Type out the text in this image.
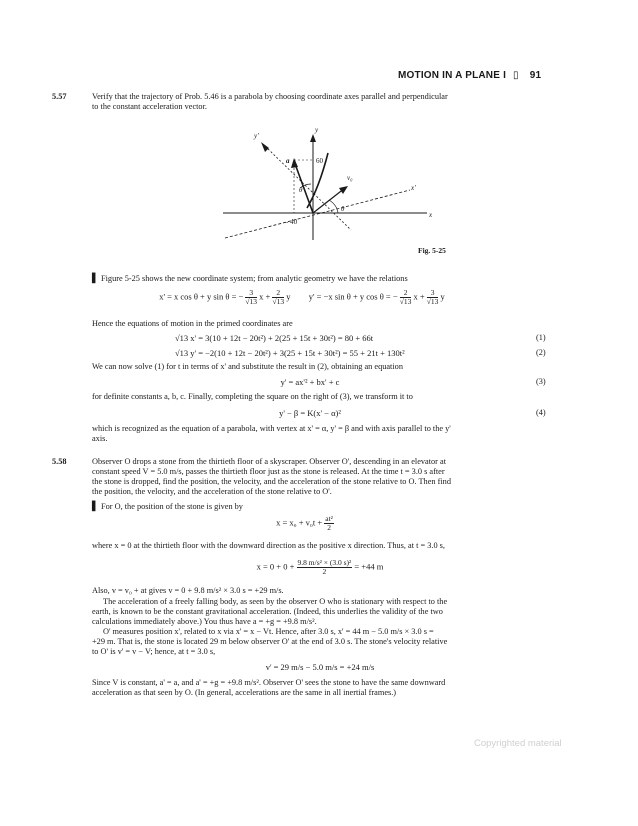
MOTION IN A PLANE I ▯ 91
5.57	Verify that the trajectory of Prob. 5.46 is a parabola by choosing coordinate axes parallel and perpendicular
to the constant acceleration vector.
y
y'
a	60
θ
v₀
x'
x
θ
- 40
Fig. 5-25
▌ Figure 5-25 shows the new coordinate system; from analytic geometry we have the relations
x' = x cos θ + y sin θ = − $\frac{3}{√13}$ $x + \frac{2}{√13}$ y y' = −x sin θ + y cos θ = − $\frac{2}{√13}$ $x + \frac{3}{√13}$ y
Hence the equations of motion in the primed coordinates are
√13 x' = 3(10 + 12t − 20t²) + 2(25 + 15t + 30t²) = 80 + 66t	(1)
√13 y' = −2(10 + 12t − 20t²) + 3(25 + 15t + 30t²) = 55 + 21t + 130t²	(2)
We can now solve (1) for t in terms of x' and substitute the result in (2), obtaining an equation
y' = ax'² + bx' + c	(3)
for definite constants a, b, c. Finally, completing the square on the right of (3), we transform it to
y' − β = K(x' − α)²	(4)
which is recognized as the equation of a parabola, with vertex at x' = α, y' = β and with axis parallel to the y'
axis.
5.58	Observer O drops a stone from the thirtieth floor of a skyscraper. Observer O', descending in an elevator at
constant speed V = 5.0 m/s, passes the thirtieth floor just as the stone is released. At the time t = 3.0 s after
the stone is dropped, find the position, the velocity, and the acceleration of the stone relative to O. Then find
the position, the velocity, and the acceleration of the stone relative to O'.
▌ For O, the position of the stone is given by
$x = x_0 + v_0t + \frac{\text{at²}}{2}$
where x = 0 at the thirtieth floor with the downward direction as the positive x direction. Thus, at t = 3.0 s,
$x = 0 + 0 + \frac{\text{9.8 m/s² × (3.0 s)²}}{2} = +44$ m
Also, v = v₀ + at gives v = 0 + 9.8 m/s² × 3.0 s = +29 m/s.
The acceleration of a freely falling body, as seen by the observer O who is stationary with respect to the
earth, is known to be the constant gravitational acceleration. (Indeed, this underlies the validity of the two
calculations immediately above.) You thus have a = +g = +9.8 m/s².
O' measures position x', related to x via x' = x − Vt. Hence, after 3.0 s, x' = 44 m − 5.0 m/s × 3.0 s =
+29 m. That is, the stone is located 29 m below observer O' at the end of 3.0 s. The stone's velocity relative
to O' is v' = v − V; hence, at t = 3.0 s,
v' = 29 m/s − 5.0 m/s = +24 m/s
Since V is constant, a' = a, and a' = +g = +9.8 m/s². Observer O' sees the stone to have the same downward
acceleration as that seen by O. (In general, accelerations are the same in all inertial frames.)
Copyrighted material
